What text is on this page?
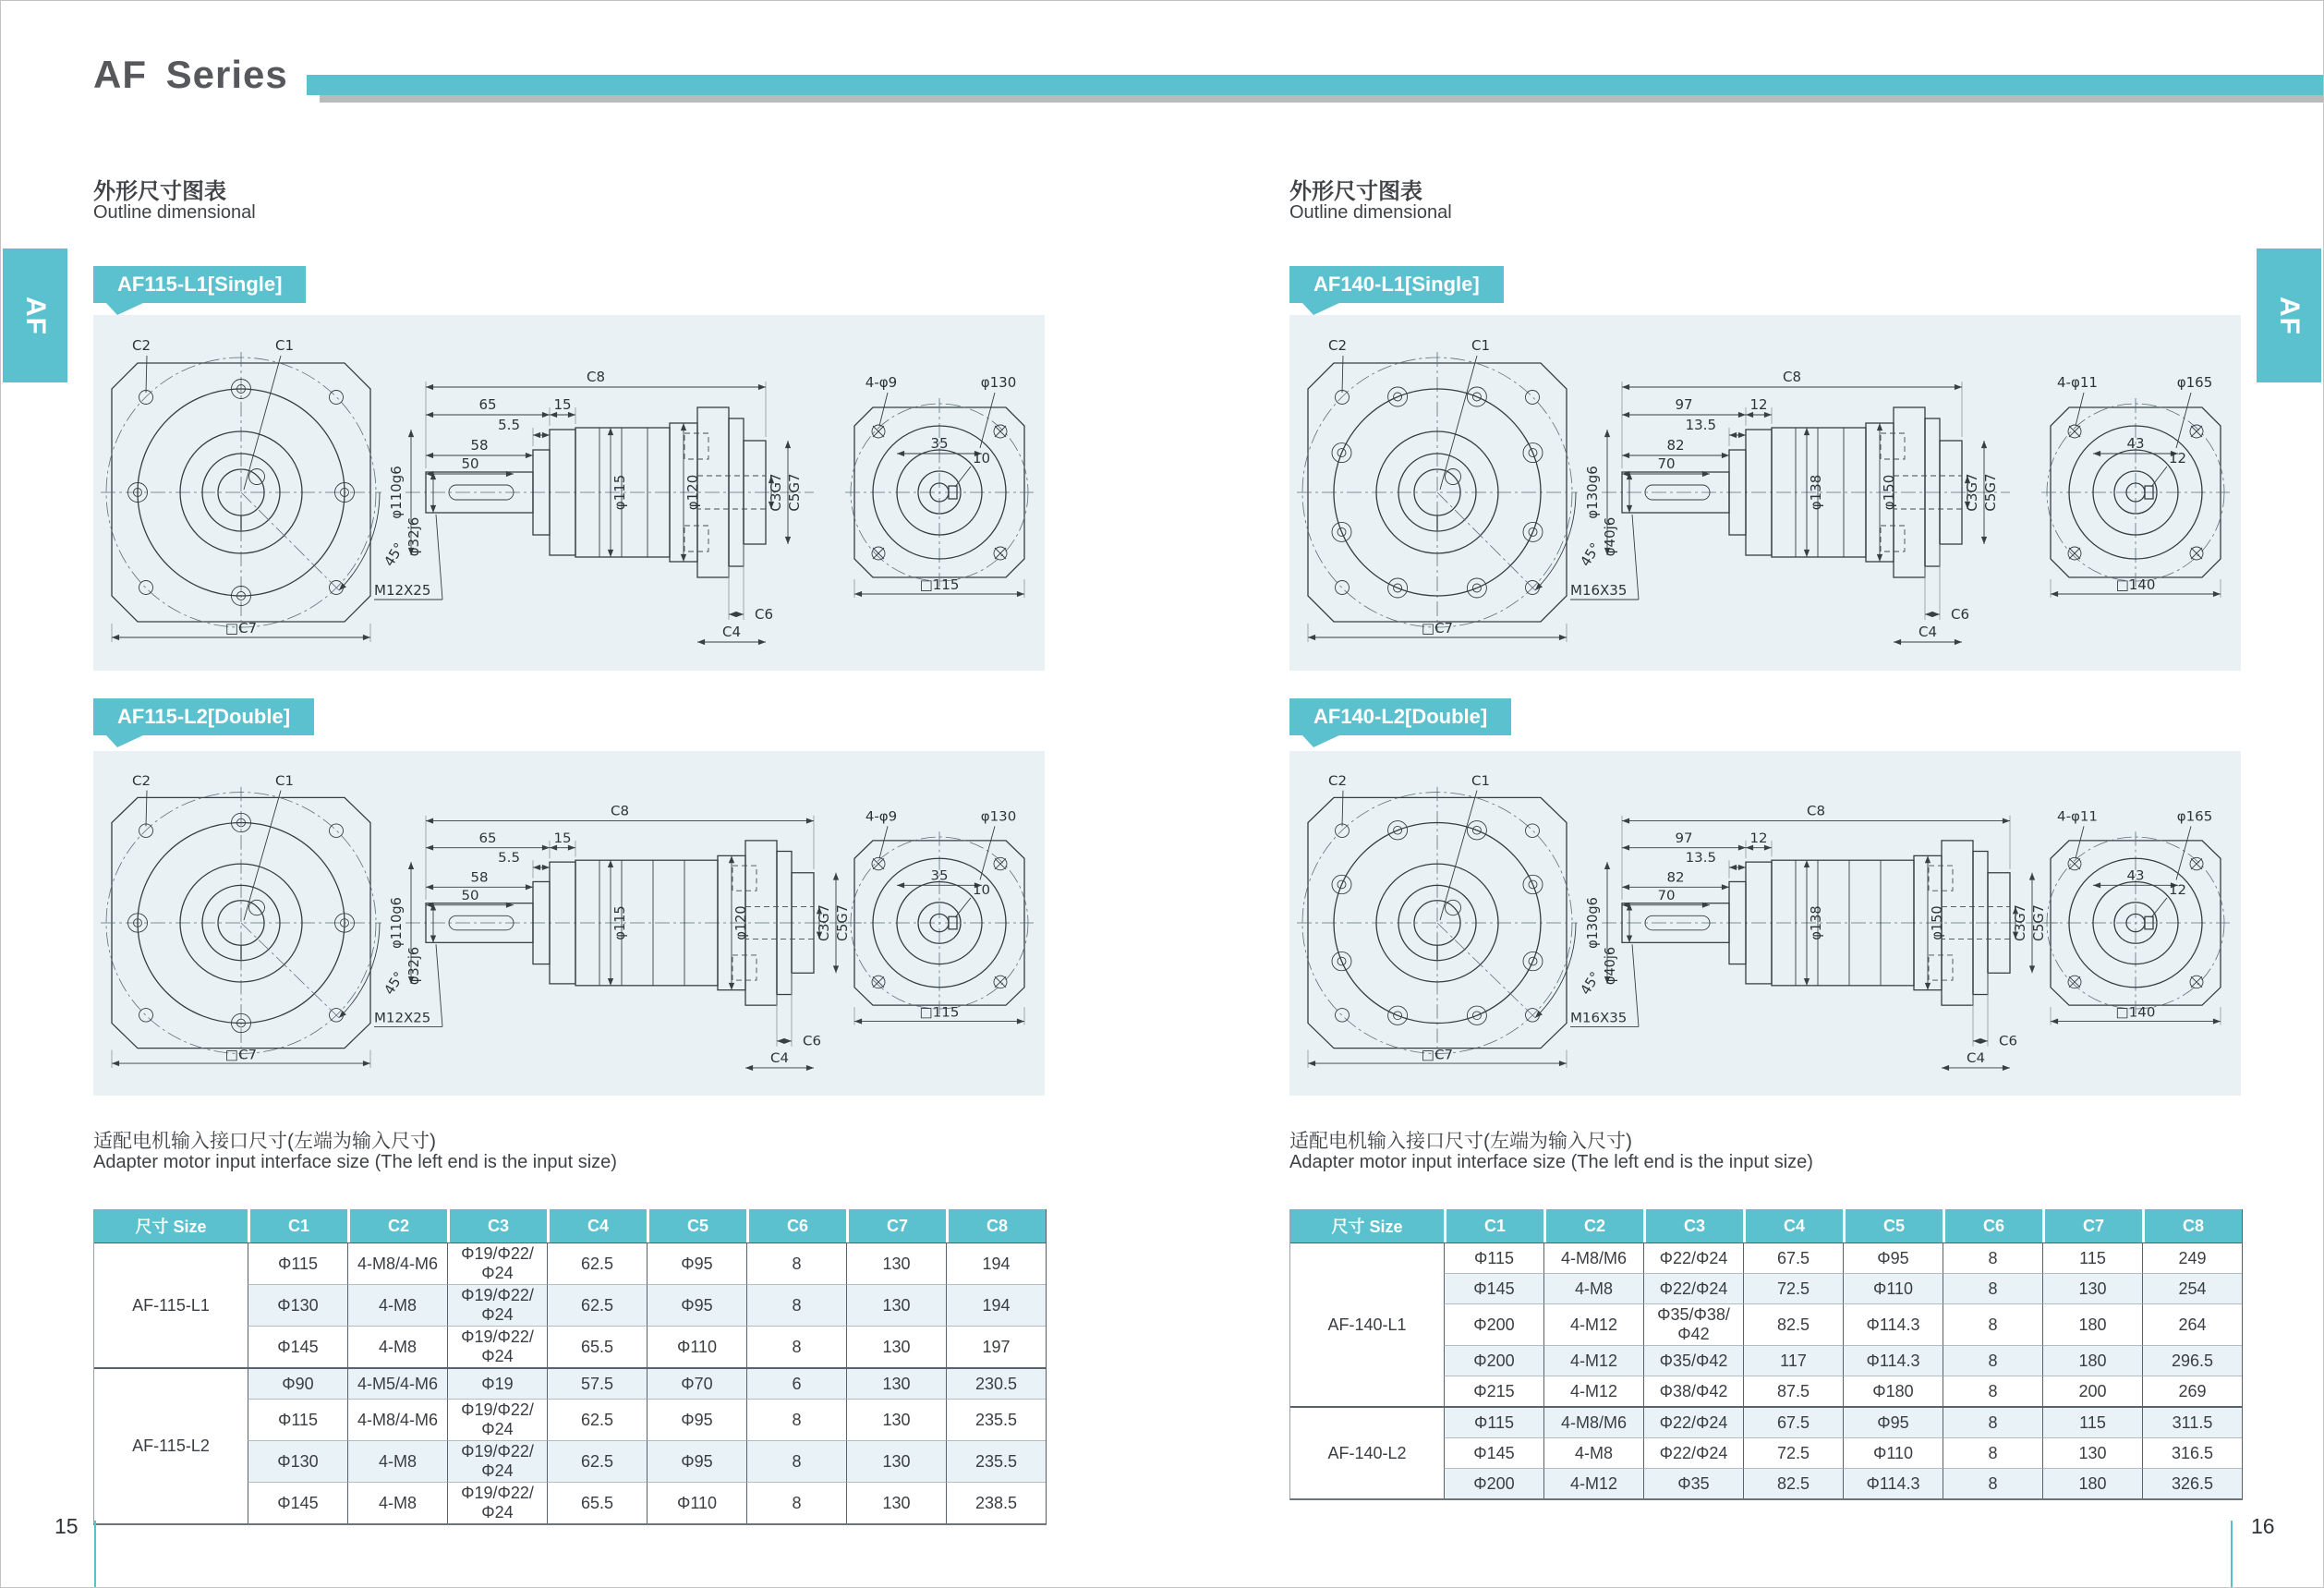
AF Series
AF	AF
外形尺寸图表
Outline dimensional
AF115-L1[Single]
C2	C1
45°
□C7
C8
65	15
5.5
58
50
φ110g6
φ32j6
M12X25
φ115	φ120	C3G7 C5G7
C6
C4
4-φ9	φ130
35
10
□115
AF115-L2[Double]
C2	C1
45°
□C7
C8
65	15
5.5
58
50
φ110g6
φ32j6
M12X25
φ115	φ120	C3G7 C5G7
C6
C4
4-φ9	φ130
35
10
□115
适配电机输入接口尺寸(左端为输入尺寸)
Adapter motor input interface size (The left end is the input size)
尺寸 Size	C1	C2	C3	C4	C5	C6	C7	C8
AF-115-L1	Φ115	4-M8/4-M6	Φ19/Φ22/Φ24	62.5	Φ95	8	130	194
	Φ130	4-M8	Φ19/Φ22/Φ24	62.5	Φ95	8	130	194
	Φ145	4-M8	Φ19/Φ22/Φ24	65.5	Φ110	8	130	197
AF-115-L2	Φ90	4-M5/4-M6	Φ19	57.5	Φ70	6	130	230.5
	Φ115	4-M8/4-M6	Φ19/Φ22/Φ24	62.5	Φ95	8	130	235.5
	Φ130	4-M8	Φ19/Φ22/Φ24	62.5	Φ95	8	130	235.5
	Φ145	4-M8	Φ19/Φ22/Φ24	65.5	Φ110	8	130	238.5
15
外形尺寸图表
Outline dimensional
AF140-L1[Single]
C2	C1
45°
□C7
C8
97	12
13.5
82
70
φ130g6
φ40j6
M16X35
φ138	φ150	C3G7 C5G7
C6
C4
4-φ11	φ165
43
12
□140
AF140-L2[Double]
C2	C1
45°
□C7
C8
97	12
13.5
82
70
φ130g6
φ40j6
M16X35
φ138	φ150	C3G7 C5G7
C6
C4
4-φ11	φ165
43
12
□140
适配电机输入接口尺寸(左端为输入尺寸)
Adapter motor input interface size (The left end is the input size)
尺寸 Size	C1	C2	C3	C4	C5	C6	C7	C8
AF-140-L1	Φ115	4-M8/M6	Φ22/Φ24	67.5	Φ95	8	115	249
	Φ145	4-M8	Φ22/Φ24	72.5	Φ110	8	130	254
	Φ200	4-M12	Φ35/Φ38/Φ42	82.5	Φ114.3	8	180	264
	Φ200	4-M12	Φ35/Φ42	117	Φ114.3	8	180	296.5
	Φ215	4-M12	Φ38/Φ42	87.5	Φ180	8	200	269
AF-140-L2	Φ115	4-M8/M6	Φ22/Φ24	67.5	Φ95	8	115	311.5
	Φ145	4-M8	Φ22/Φ24	72.5	Φ110	8	130	316.5
	Φ200	4-M12	Φ35	82.5	Φ114.3	8	180	326.5
16
